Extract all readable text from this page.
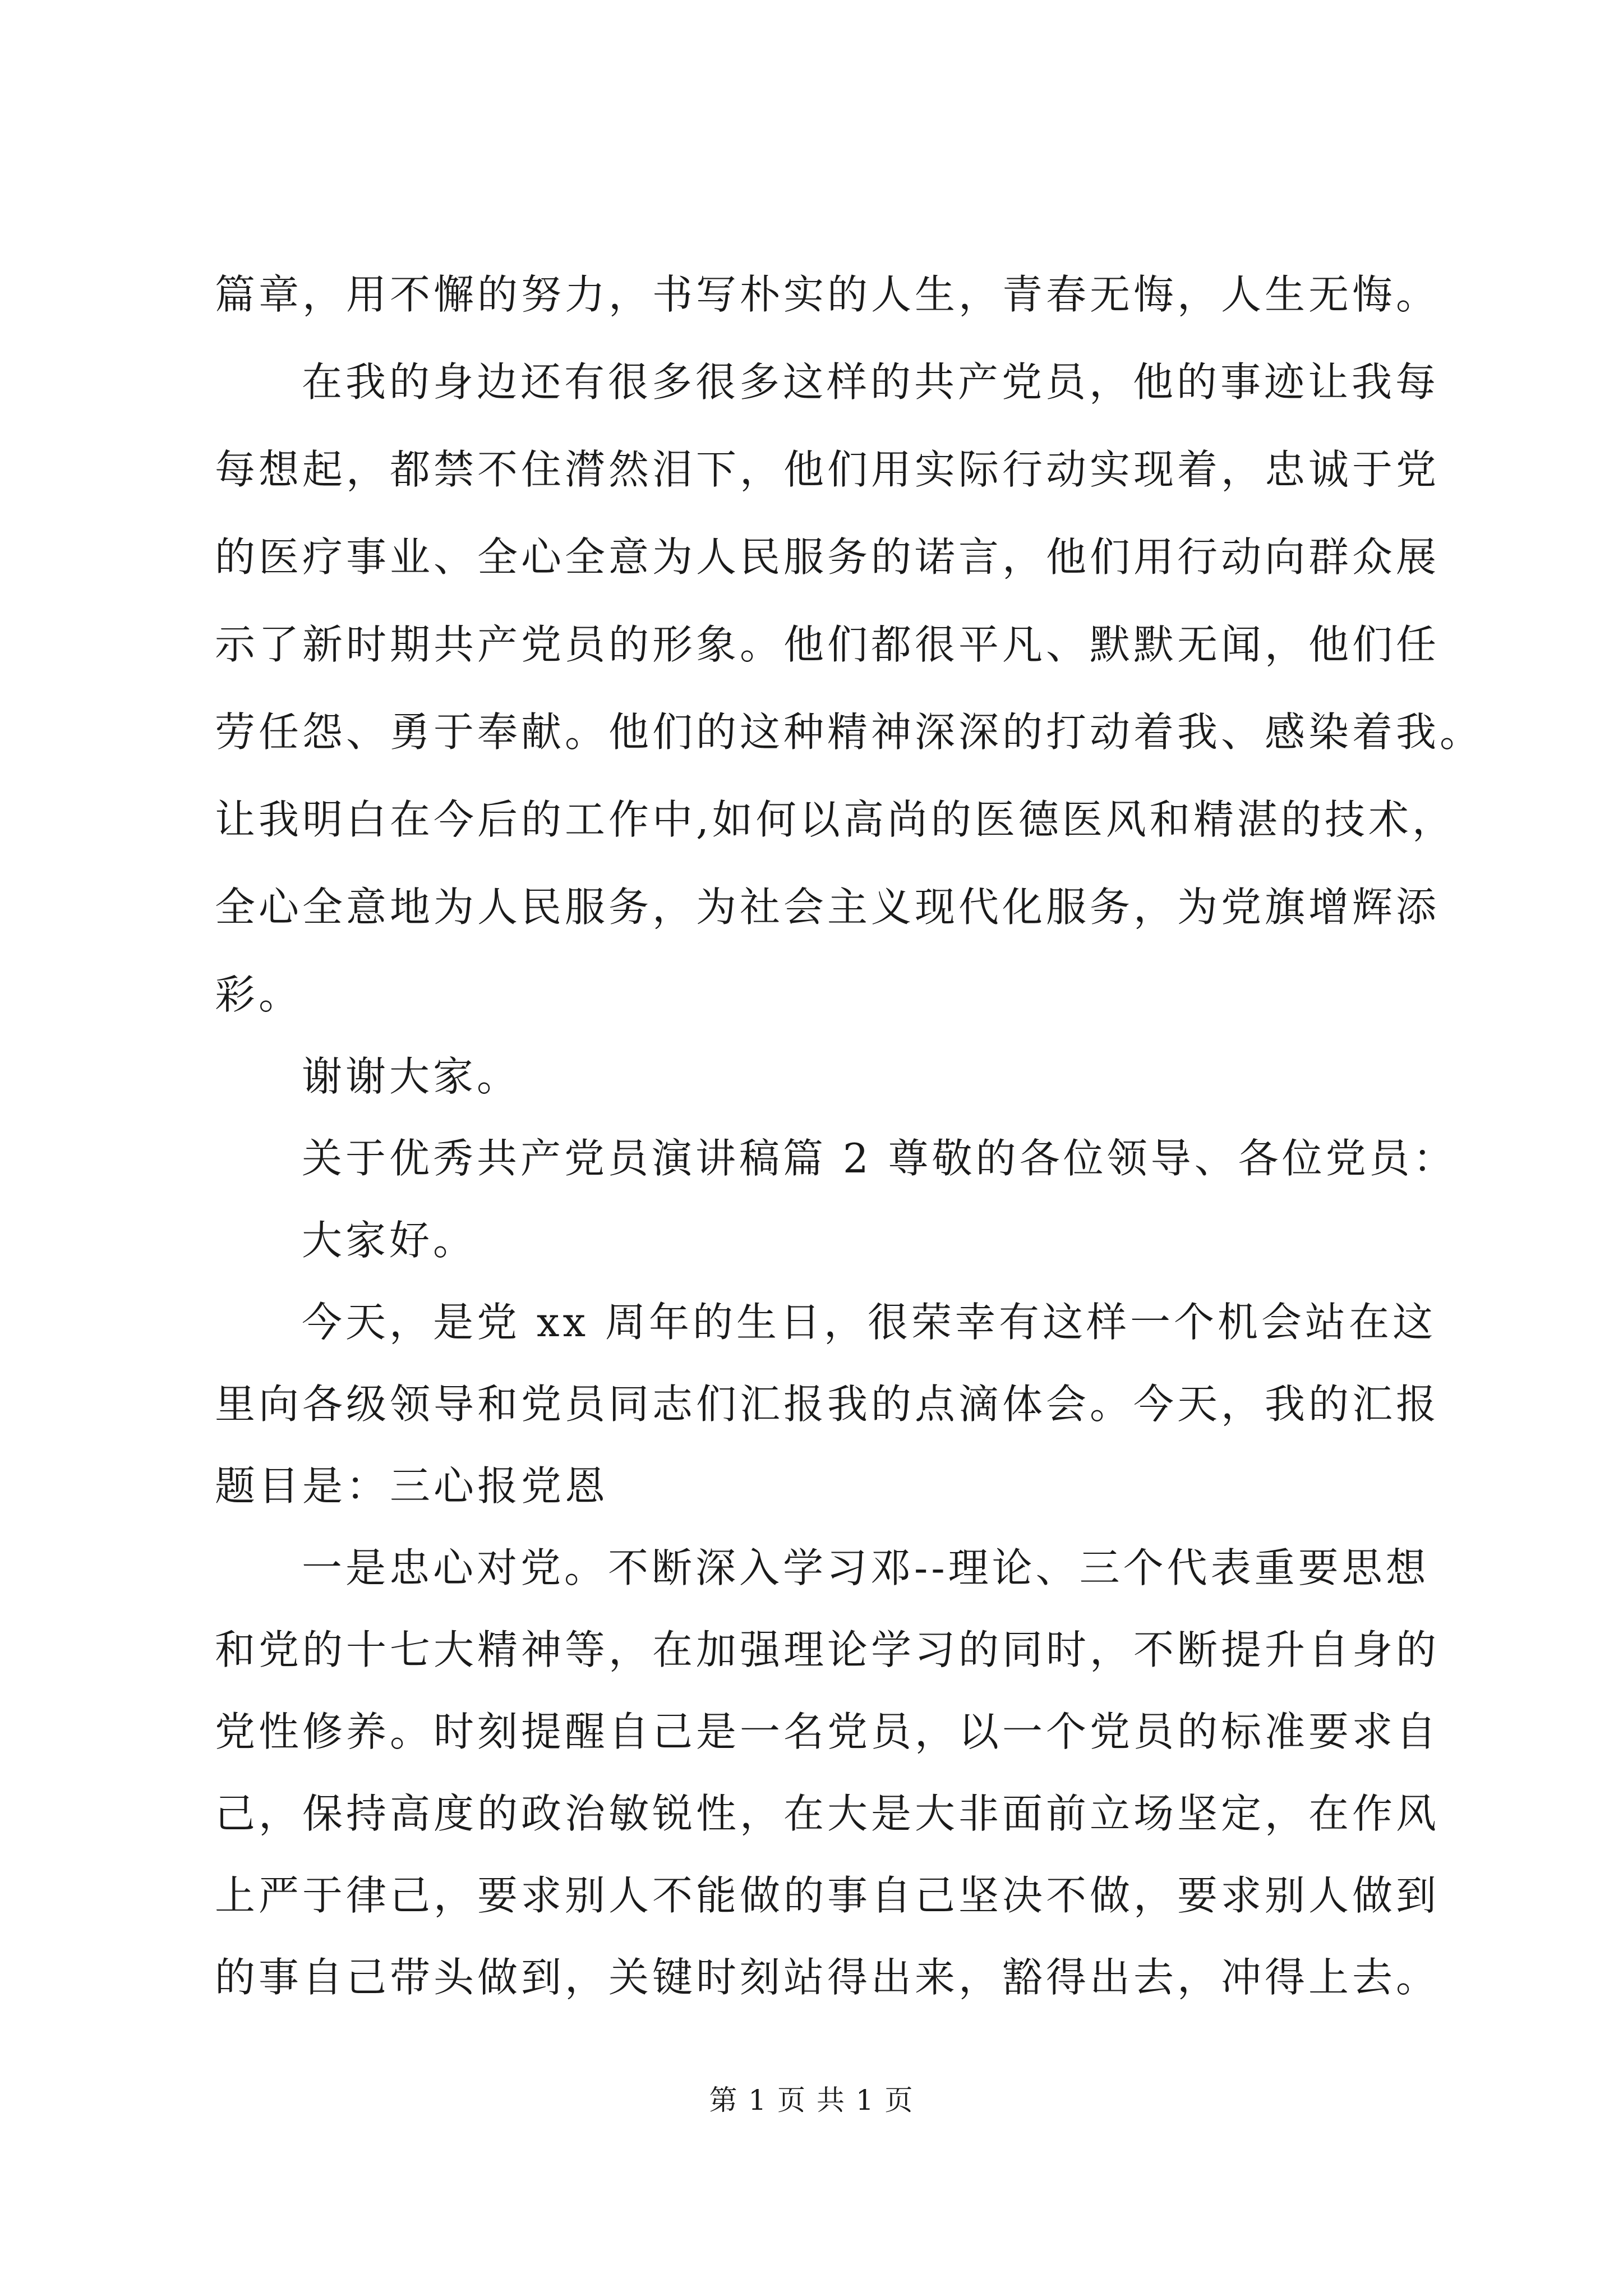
篇章，用不懈的努力，书写朴实的人生，青春无悔，人生无悔。
在我的身边还有很多很多这样的共产党员，他的事迹让我每
每想起，都禁不住潸然泪下，他们用实际行动实现着，忠诚于党
的医疗事业、全心全意为人民服务的诺言，他们用行动向群众展
示了新时期共产党员的形象。他们都很平凡、默默无闻，他们任
劳任怨、勇于奉献。他们的这种精神深深的打动着我、感染着我。
让我明白在今后的工作中,如何以高尚的医德医风和精湛的技术，
全心全意地为人民服务，为社会主义现代化服务，为党旗增辉添
彩。
谢谢大家。
关于优秀共产党员演讲稿篇 2 尊敬的各位领导、各位党员：
大家好。
今天，是党 xx 周年的生日，很荣幸有这样一个机会站在这
里向各级领导和党员同志们汇报我的点滴体会。今天，我的汇报
题目是：三心报党恩
一是忠心对党。不断深入学习邓--理论、三个代表重要思想
和党的十七大精神等，在加强理论学习的同时，不断提升自身的
党性修养。时刻提醒自己是一名党员，以一个党员的标准要求自
己，保持高度的政治敏锐性，在大是大非面前立场坚定，在作风
上严于律己，要求别人不能做的事自己坚决不做，要求别人做到
的事自己带头做到，关键时刻站得出来，豁得出去，冲得上去。
第 1 页 共 1 页
